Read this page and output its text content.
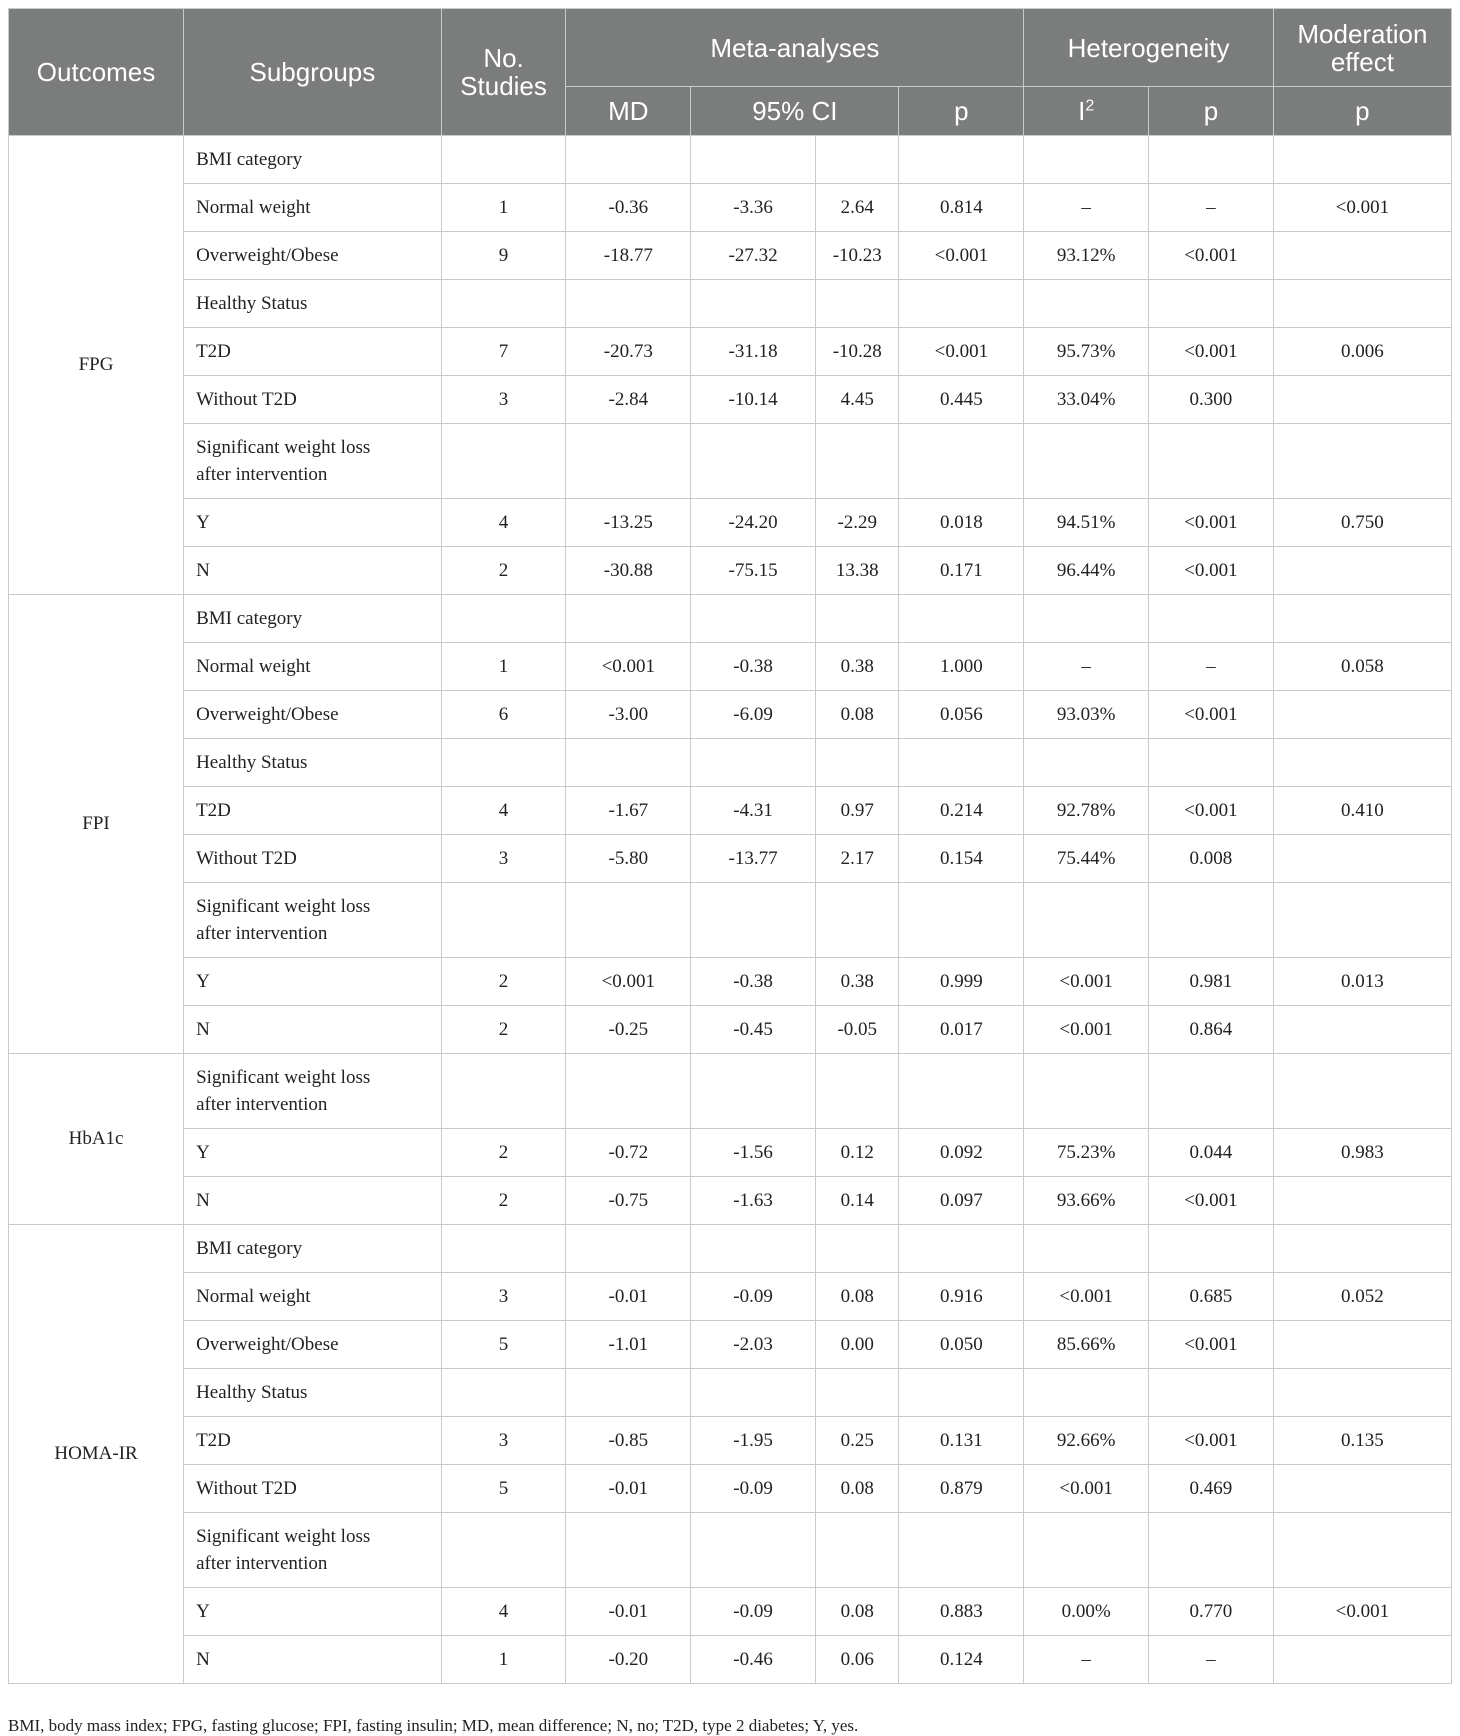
Outcomes	Subgroups	No. Studies	Meta-analyses				Heterogeneity		Moderation effect
			MD	95% CI		p	$I^2$	p	p
FPG	BMI category								
	Normal weight	1	-0.36	-3.36	2.64	0.814	–	–	<0.001
	Overweight/Obese	9	-18.77	-27.32	-10.23	<0.001	93.12%	<0.001	
	Healthy Status								
	T2D	7	-20.73	-31.18	-10.28	<0.001	95.73%	<0.001	0.006
	Without T2D	3	-2.84	-10.14	4.45	0.445	33.04%	0.300	
	Significant weight loss
after intervention								
	Y	4	-13.25	-24.20	-2.29	0.018	94.51%	<0.001	0.750
	N	2	-30.88	-75.15	13.38	0.171	96.44%	<0.001	
FPI	BMI category								
	Normal weight	1	<0.001	-0.38	0.38	1.000	–	–	0.058
	Overweight/Obese	6	-3.00	-6.09	0.08	0.056	93.03%	<0.001	
	Healthy Status								
	T2D	4	-1.67	-4.31	0.97	0.214	92.78%	<0.001	0.410
	Without T2D	3	-5.80	-13.77	2.17	0.154	75.44%	0.008	
	Significant weight loss
after intervention								
	Y	2	<0.001	-0.38	0.38	0.999	<0.001	0.981	0.013
	N	2	-0.25	-0.45	-0.05	0.017	<0.001	0.864	
HbA1c	Significant weight loss
after intervention								
	Y	2	-0.72	-1.56	0.12	0.092	75.23%	0.044	0.983
	N	2	-0.75	-1.63	0.14	0.097	93.66%	<0.001	
HOMA-IR	BMI category								
	Normal weight	3	-0.01	-0.09	0.08	0.916	<0.001	0.685	0.052
	Overweight/Obese	5	-1.01	-2.03	0.00	0.050	85.66%	<0.001	
	Healthy Status								
	T2D	3	-0.85	-1.95	0.25	0.131	92.66%	<0.001	0.135
	Without T2D	5	-0.01	-0.09	0.08	0.879	<0.001	0.469	
	Significant weight loss
after intervention								
	Y	4	-0.01	-0.09	0.08	0.883	0.00%	0.770	<0.001
	N	1	-0.20	-0.46	0.06	0.124	–	–	
BMI, body mass index; FPG, fasting glucose; FPI, fasting insulin; MD, mean difference; N, no; T2D, type 2 diabetes; Y, yes.
